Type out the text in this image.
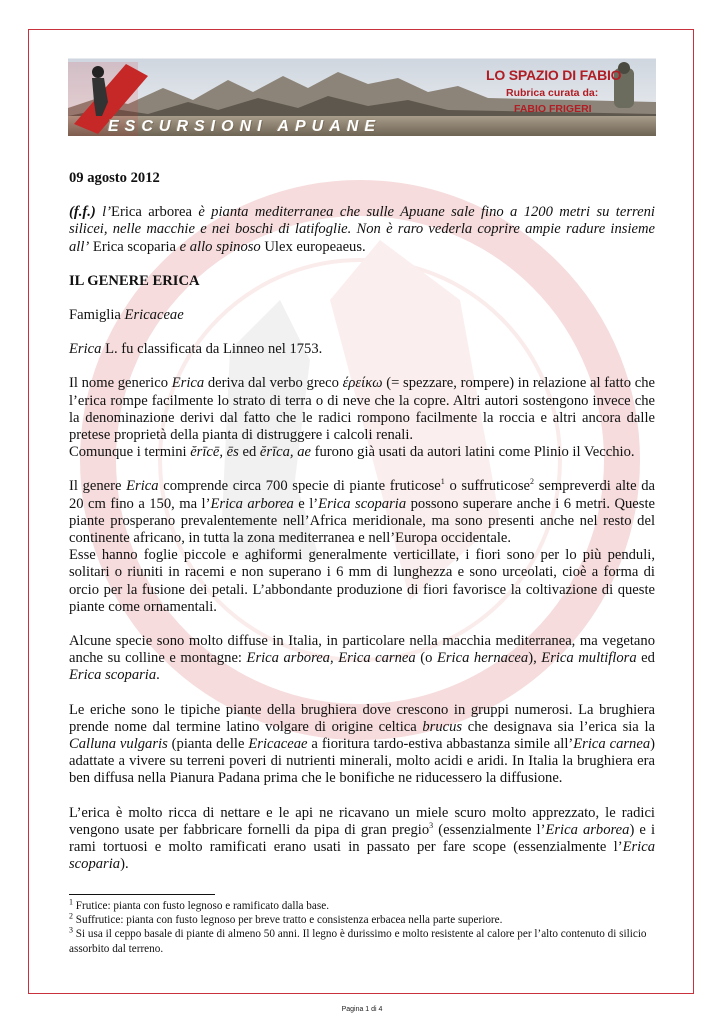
LO SPAZIO DI FABIO
Rubrica curata da:
FABIO FRIGERI
ESCURSIONI APUANE

09 agosto 2012

(f.f.) l’Erica arborea è pianta mediterranea che sulle Apuane sale fino a 1200 metri su terreni silicei, nelle macchie e nei boschi di latifoglie. Non è raro vederla coprire ampie radure insieme all’ Erica scoparia e allo spinoso Ulex europeaeus.

IL GENERE ERICA

Famiglia Ericaceae

Erica L. fu classificata da Linneo nel 1753.

Il nome generico Erica deriva dal verbo greco έρείκω (= spezzare, rompere) in relazione al fatto che l’erica rompe facilmente lo strato di terra o di neve che la copre. Altri autori sostengono invece che la denominazione derivi dal fatto che le radici rompono facilmente la roccia e altri ancora dalle pretese proprietà della pianta di distruggere i calcoli renali.

Comunque i termini ĕrīcē, ēs ed ĕrīca, ae furono già usati da autori latini come Plinio il Vecchio.

Il genere Erica comprende circa 700 specie di piante fruticose$^1$ o suffruticose$^2$ sempreverdi alte da 20 cm fino a 150, ma l’Erica arborea e l’Erica scoparia possono superare anche i 6 metri. Queste piante prosperano prevalentemente nell’Africa meridionale, ma sono presenti anche nel resto del continente africano, in tutta la zona mediterranea e nell’Europa occidentale.

Esse hanno foglie piccole e aghiformi generalmente verticillate, i fiori sono per lo più penduli, solitari o riuniti in racemi e non superano i 6 mm di lunghezza e sono urceolati, cioè a forma di orcio per la fusione dei petali. L’abbondante produzione di fiori favorisce la coltivazione di queste piante come ornamentali.

Alcune specie sono molto diffuse in Italia, in particolare nella macchia mediterranea, ma vegetano anche su colline e montagne: Erica arborea, Erica carnea (o Erica hernacea), Erica multiflora ed Erica scoparia.

Le eriche sono le tipiche piante della brughiera dove crescono in gruppi numerosi. La brughiera prende nome dal termine latino volgare di origine celtica brucus che designava sia l’erica sia la Calluna vulgaris (pianta delle Ericaceae a fioritura tardo-estiva abbastanza simile all’Erica carnea) adattate a vivere su terreni poveri di nutrienti minerali, molto acidi e aridi. In Italia la brughiera era ben diffusa nella Pianura Padana prima che le bonifiche ne riducessero la diffusione.

L’erica è molto ricca di nettare e le api ne ricavano un miele scuro molto apprezzato, le radici vengono usate per fabbricare fornelli da pipa di gran pregio$^3$ (essenzialmente l’Erica arborea) e i rami tortuosi e molto ramificati erano usati in passato per fare scope (essenzialmente l’Erica scoparia).

$^1$ Frutice: pianta con fusto legnoso e ramificato dalla base.
$^2$ Suffrutice: pianta con fusto legnoso per breve tratto e consistenza erbacea nella parte superiore.
$^3$ Si usa il ceppo basale di piante di almeno 50 anni. Il legno è durissimo e molto resistente al calore per l’alto contenuto di silicio assorbito dal terreno.
Pagina 1 di 4
